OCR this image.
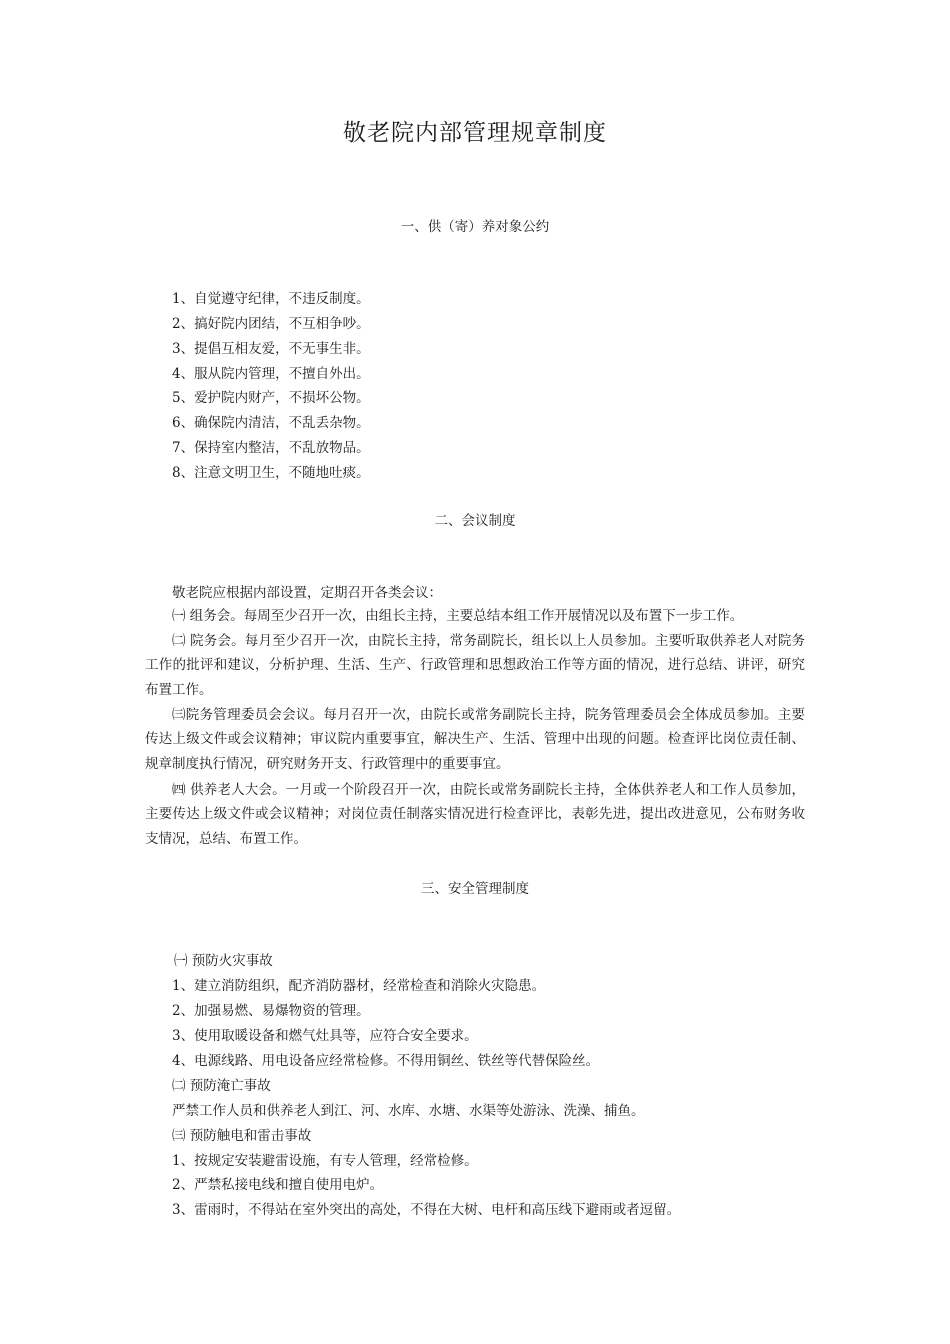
敬老院内部管理规章制度
一、供（寄）养对象公约
1、自觉遵守纪律，不违反制度。
2、搞好院内团结，不互相争吵。
3、提倡互相友爱，不无事生非。
4、服从院内管理，不擅自外出。
5、爱护院内财产，不损坏公物。
6、确保院内清洁，不乱丢杂物。
7、保持室内整洁，不乱放物品。
8、注意文明卫生，不随地吐痰。
二、会议制度
敬老院应根据内部设置，定期召开各类会议：

㈠ 组务会。每周至少召开一次，由组长主持，主要总结本组工作开展情况以及布置下一步工作。

㈡ 院务会。每月至少召开一次，由院长主持，常务副院长，组长以上人员参加。主要听取供养老人对院务工作的批评和建议，分析护理、生活、生产、行政管理和思想政治工作等方面的情况，进行总结、讲评，研究布置工作。

㈢院务管理委员会会议。每月召开一次，由院长或常务副院长主持，院务管理委员会全体成员参加。主要传达上级文件或会议精神；审议院内重要事宜，解决生产、生活、管理中出现的问题。检查评比岗位责任制、规章制度执行情况，研究财务开支、行政管理中的重要事宜。

㈣ 供养老人大会。一月或一个阶段召开一次，由院长或常务副院长主持，全体供养老人和工作人员参加，主要传达上级文件或会议精神；对岗位责任制落实情况进行检查评比，表彰先进，提出改进意见，公布财务收支情况，总结、布置工作。

三、安全管理制度
㈠ 预防火灾事故
1、建立消防组织，配齐消防器材，经常检查和消除火灾隐患。
2、加强易燃、易爆物资的管理。
3、使用取暖设备和燃气灶具等，应符合安全要求。
4、电源线路、用电设备应经常检修。不得用铜丝、铁丝等代替保险丝。
㈡ 预防淹亡事故
严禁工作人员和供养老人到江、河、水库、水塘、水渠等处游泳、洗澡、捕鱼。
㈢ 预防触电和雷击事故
1、按规定安装避雷设施，有专人管理，经常检修。
2、严禁私接电线和擅自使用电炉。
3、雷雨时，不得站在室外突出的高处，不得在大树、电杆和高压线下避雨或者逗留。
